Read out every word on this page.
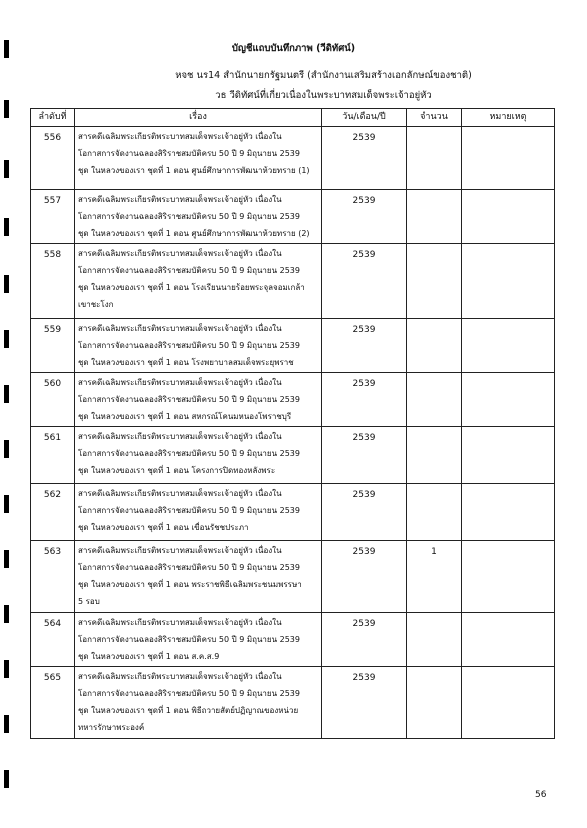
บัญชีแถบบันทึกภาพ (วีดิทัศน์)
หจช นร14 สำนักนายกรัฐมนตรี (สำนักงานเสริมสร้างเอกลักษณ์ของชาติ)
วธ วีดิทัศน์ที่เกี่ยวเนื่องในพระบาทสมเด็จพระเจ้าอยู่หัว
ลำดับที่	เรื่อง	วัน/เดือน/ปี	จำนวน	หมายเหตุ
556	สารคดีเฉลิมพระเกียรติพระบาทสมเด็จพระเจ้าอยู่หัว เนื่องใน
โอกาสการจัดงานฉลองสิริราชสมบัติครบ 50 ปี 9 มิถุนายน 2539
ชุด ในหลวงของเรา ชุดที่ 1 ตอน ศูนย์ศึกษาการพัฒนาห้วยทราย (1)	2539		
557	สารคดีเฉลิมพระเกียรติพระบาทสมเด็จพระเจ้าอยู่หัว เนื่องใน
โอกาสการจัดงานฉลองสิริราชสมบัติครบ 50 ปี 9 มิถุนายน 2539
ชุด ในหลวงของเรา ชุดที่ 1 ตอน ศูนย์ศึกษาการพัฒนาห้วยทราย (2)	2539		
558	สารคดีเฉลิมพระเกียรติพระบาทสมเด็จพระเจ้าอยู่หัว เนื่องใน
โอกาสการจัดงานฉลองสิริราชสมบัติครบ 50 ปี 9 มิถุนายน 2539
ชุด ในหลวงของเรา ชุดที่ 1 ตอน โรงเรียนนายร้อยพระจุลจอมเกล้า
เขาชะโงก	2539		
559	สารคดีเฉลิมพระเกียรติพระบาทสมเด็จพระเจ้าอยู่หัว เนื่องใน
โอกาสการจัดงานฉลองสิริราชสมบัติครบ 50 ปี 9 มิถุนายน 2539
ชุด ในหลวงของเรา ชุดที่ 1 ตอน โรงพยาบาลสมเด็จพระยุพราช	2539		
560	สารคดีเฉลิมพระเกียรติพระบาทสมเด็จพระเจ้าอยู่หัว เนื่องใน
โอกาสการจัดงานฉลองสิริราชสมบัติครบ 50 ปี 9 มิถุนายน 2539
ชุด ในหลวงของเรา ชุดที่ 1 ตอน สหกรณ์โคนมหนองโพราชบุรี	2539		
561	สารคดีเฉลิมพระเกียรติพระบาทสมเด็จพระเจ้าอยู่หัว เนื่องใน
โอกาสการจัดงานฉลองสิริราชสมบัติครบ 50 ปี 9 มิถุนายน 2539
ชุด ในหลวงของเรา ชุดที่ 1 ตอน โครงการปิดทองหลังพระ	2539		
562	สารคดีเฉลิมพระเกียรติพระบาทสมเด็จพระเจ้าอยู่หัว เนื่องใน
โอกาสการจัดงานฉลองสิริราชสมบัติครบ 50 ปี 9 มิถุนายน 2539
ชุด ในหลวงของเรา ชุดที่ 1 ตอน เขื่อนรัชชประภา	2539		
563	สารคดีเฉลิมพระเกียรติพระบาทสมเด็จพระเจ้าอยู่หัว เนื่องใน
โอกาสการจัดงานฉลองสิริราชสมบัติครบ 50 ปี 9 มิถุนายน 2539
ชุด ในหลวงของเรา ชุดที่ 1 ตอน พระราชพิธีเฉลิมพระชนมพรรษา
5 รอบ	2539	1	
564	สารคดีเฉลิมพระเกียรติพระบาทสมเด็จพระเจ้าอยู่หัว เนื่องใน
โอกาสการจัดงานฉลองสิริราชสมบัติครบ 50 ปี 9 มิถุนายน 2539
ชุด ในหลวงของเรา ชุดที่ 1 ตอน ส.ค.ส.9	2539		
565	สารคดีเฉลิมพระเกียรติพระบาทสมเด็จพระเจ้าอยู่หัว เนื่องใน
โอกาสการจัดงานฉลองสิริราชสมบัติครบ 50 ปี 9 มิถุนายน 2539
ชุด ในหลวงของเรา ชุดที่ 1 ตอน พิธีถวายสัตย์ปฏิญาณของหน่วย
ทหารรักษาพระองค์	2539		
56
